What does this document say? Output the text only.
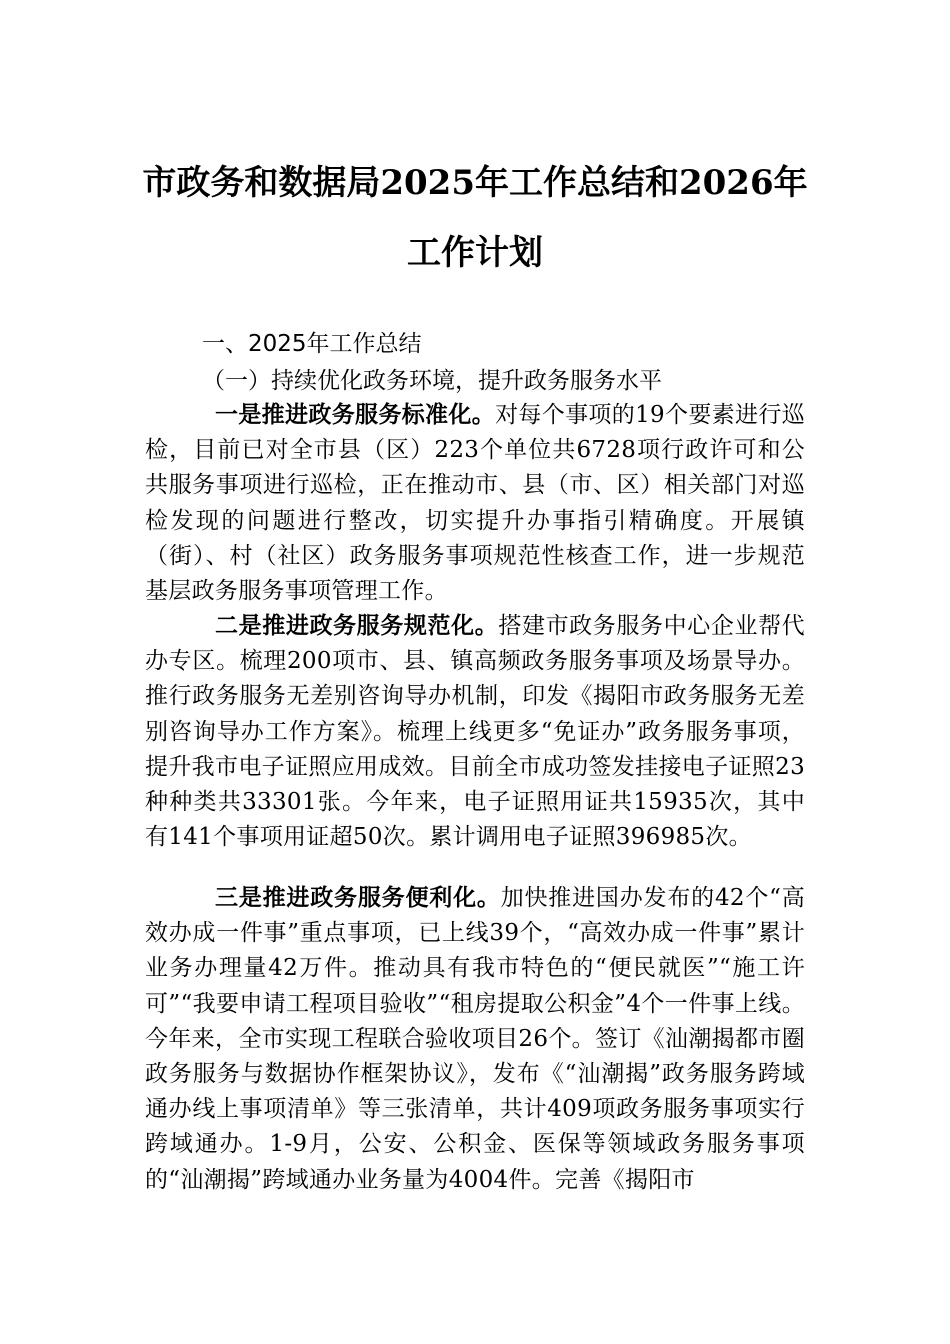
市政务和数据局2025年工作总结和2026年
工作计划

一、2025年工作总结

（一）持续优化政务环境，提升政务服务水平

一是推进政务服务标准化。对每个事项的19个要素进行巡检，目前已对全市县（区）223个单位共6728项行政许可和公共服务事项进行巡检，正在推动市、县（市、区）相关部门对巡检发现的问题进行整改，切实提升办事指引精确度。开展镇（街）、村（社区）政务服务事项规范性核查工作，进一步规范基层政务服务事项管理工作。

二是推进政务服务规范化。搭建市政务服务中心企业帮代办专区。梳理200项市、县、镇高频政务服务事项及场景导办。推行政务服务无差别咨询导办机制，印发《揭阳市政务服务无差别咨询导办工作方案》。梳理上线更多“免证办”政务服务事项，提升我市电子证照应用成效。目前全市成功签发挂接电子证照23种种类共33301张。今年来，电子证照用证共15935次，其中有141个事项用证超50次。累计调用电子证照396985次。

三是推进政务服务便利化。加快推进国办发布的42个“高效办成一件事”重点事项，已上线39个，“高效办成一件事”累计业务办理量42万件。推动具有我市特色的“便民就医”“施工许可”“我要申请工程项目验收”“租房提取公积金”4个一件事上线。今年来，全市实现工程联合验收项目26个。签订《汕潮揭都市圈政务服务与数据协作框架协议》，发布《“汕潮揭”政务服务跨域通办线上事项清单》等三张清单，共计409项政务服务事项实行跨域通办。1-9月，公安、公积金、医保等领域政务服务事项的“汕潮揭”跨域通办业务量为4004件。完善《揭阳市
